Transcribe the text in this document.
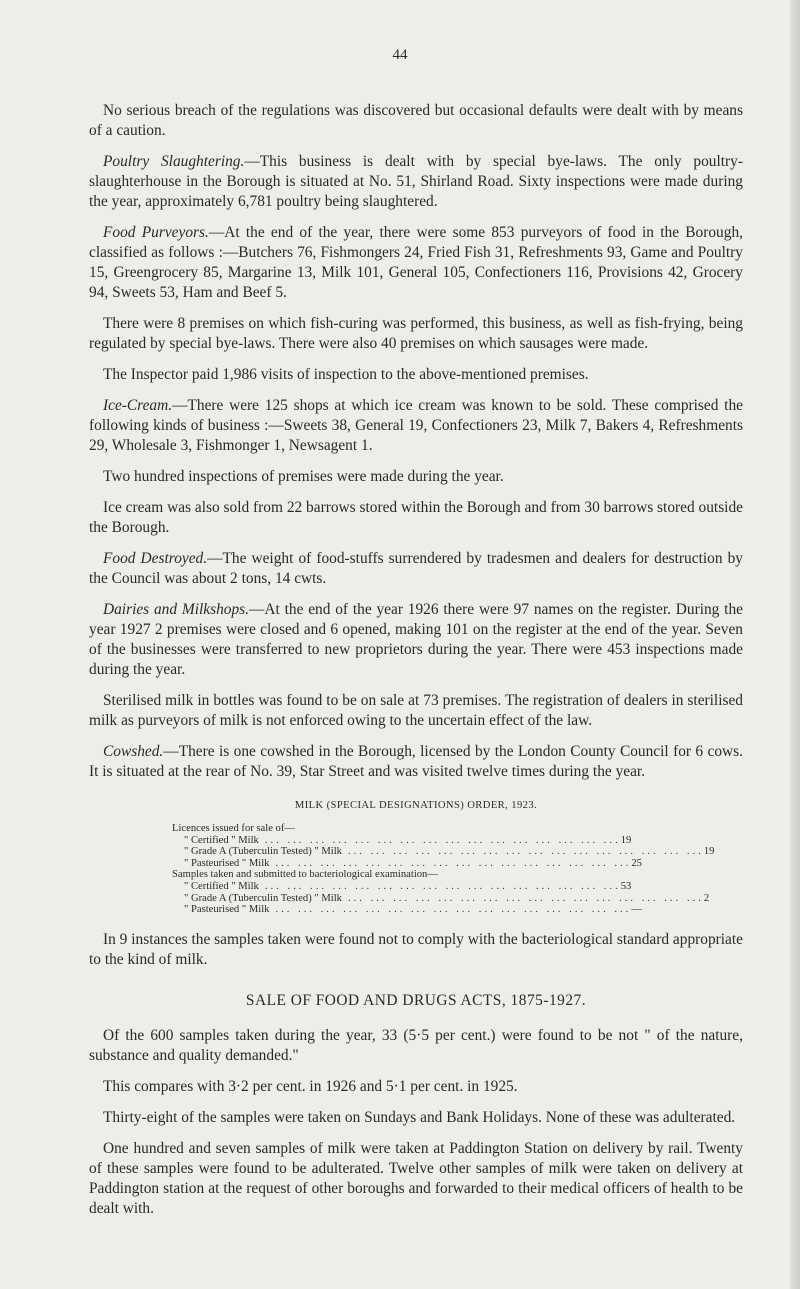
44

No serious breach of the regulations was discovered but occasional defaults were dealt with by means of a caution.

Poultry Slaughtering.—This business is dealt with by special bye-laws. The only poultry-slaughterhouse in the Borough is situated at No. 51, Shirland Road. Sixty inspections were made during the year, approximately 6,781 poultry being slaughtered.

Food Purveyors.—At the end of the year, there were some 853 purveyors of food in the Borough, classified as follows :—Butchers 76, Fishmongers 24, Fried Fish 31, Refreshments 93, Game and Poultry 15, Greengrocery 85, Margarine 13, Milk 101, General 105, Confectioners 116, Provisions 42, Grocery 94, Sweets 53, Ham and Beef 5.

There were 8 premises on which fish-curing was performed, this business, as well as fish-frying, being regulated by special bye-laws. There were also 40 premises on which sausages were made.

The Inspector paid 1,986 visits of inspection to the above-mentioned premises.

Ice-Cream.—There were 125 shops at which ice cream was known to be sold. These comprised the following kinds of business :—Sweets 38, General 19, Confectioners 23, Milk 7, Bakers 4, Refreshments 29, Wholesale 3, Fishmonger 1, Newsagent 1.

Two hundred inspections of premises were made during the year.

Ice cream was also sold from 22 barrows stored within the Borough and from 30 barrows stored outside the Borough.

Food Destroyed.—The weight of food-stuffs surrendered by tradesmen and dealers for destruction by the Council was about 2 tons, 14 cwts.

Dairies and Milkshops.—At the end of the year 1926 there were 97 names on the register. During the year 1927 2 premises were closed and 6 opened, making 101 on the register at the end of the year. Seven of the businesses were transferred to new proprietors during the year. There were 453 inspections made during the year.

Sterilised milk in bottles was found to be on sale at 73 premises. The registration of dealers in sterilised milk as purveyors of milk is not enforced owing to the uncertain effect of the law.

Cowshed.—There is one cowshed in the Borough, licensed by the London County Council for 6 cows. It is situated at the rear of No. 39, Star Street and was visited twelve times during the year.

MILK (SPECIAL DESIGNATIONS) ORDER, 1923.
Licences issued for sale of—
" Certified " Milk ... ... ... ... ... ... ... ... ... ... ... ... ... ... ... ... 19
" Grade A (Tuberculin Tested) " Milk ... ... ... ... ... ... ... ... ... ... ... ... ... ... ... ... 19
" Pasteurised " Milk ... ... ... ... ... ... ... ... ... ... ... ... ... ... ... ... 25
Samples taken and submitted to bacteriological examination—
" Certified " Milk ... ... ... ... ... ... ... ... ... ... ... ... ... ... ... ... 53
" Grade A (Tuberculin Tested) " Milk ... ... ... ... ... ... ... ... ... ... ... ... ... ... ... ... 2
" Pasteurised " Milk ... ... ... ... ... ... ... ... ... ... ... ... ... ... ... ... —

In 9 instances the samples taken were found not to comply with the bacteriological standard appropriate to the kind of milk.

SALE OF FOOD AND DRUGS ACTS, 1875-1927.

Of the 600 samples taken during the year, 33 (5·5 per cent.) were found to be not " of the nature, substance and quality demanded."

This compares with 3·2 per cent. in 1926 and 5·1 per cent. in 1925.

Thirty-eight of the samples were taken on Sundays and Bank Holidays. None of these was adulterated.

One hundred and seven samples of milk were taken at Paddington Station on delivery by rail. Twenty of these samples were found to be adulterated. Twelve other samples of milk were taken on delivery at Paddington station at the request of other boroughs and forwarded to their medical officers of health to be dealt with.
